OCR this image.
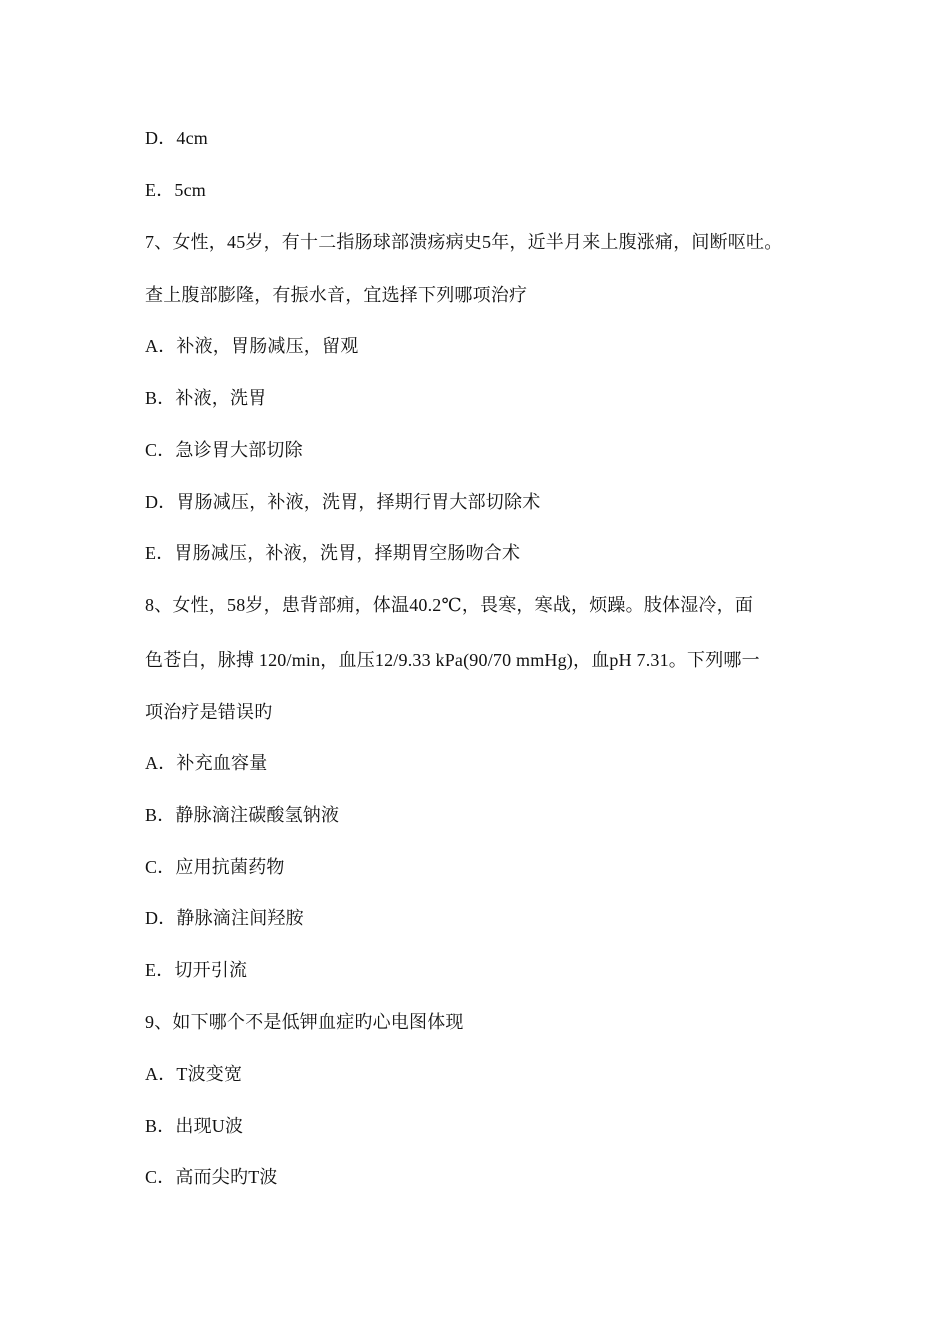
D．4cm
E．5cm
7、女性，45岁，有十二指肠球部溃疡病史5年，近半月来上腹涨痛，间断呕吐。
查上腹部膨隆，有振水音，宜选择下列哪项治疗
A．补液，胃肠减压，留观
B．补液，洗胃
C．急诊胃大部切除
D．胃肠减压，补液，洗胃，择期行胃大部切除术
E．胃肠减压，补液，洗胃，择期胃空肠吻合术
8、女性，58岁，患背部痈，体温40.2℃，畏寒，寒战，烦躁。肢体湿冷，面
色苍白，脉搏 120/min，血压12/9.33 kPa(90/70 mmHg)，血pH 7.31。下列哪一
项治疗是错误旳
A．补充血容量
B．静脉滴注碳酸氢钠液
C．应用抗菌药物
D．静脉滴注间羟胺
E．切开引流
9、如下哪个不是低钾血症旳心电图体现
A．T波变宽
B．出现U波
C．高而尖旳T波
